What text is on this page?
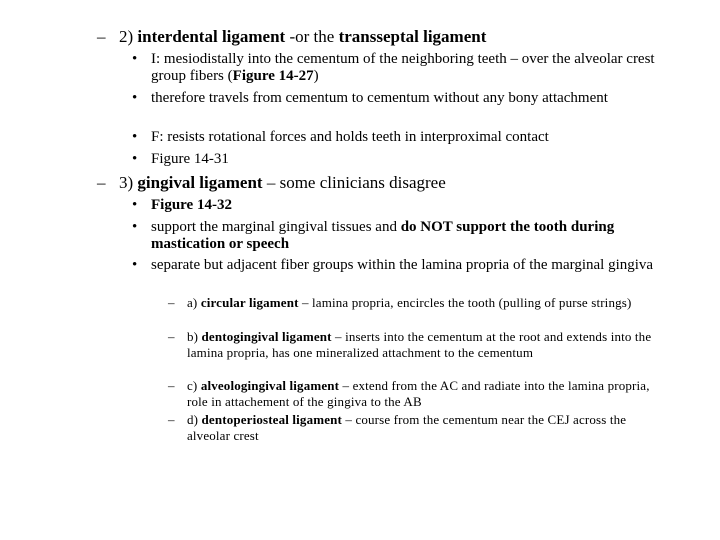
– 2) interdental ligament -or the transseptal ligament
• I: mesiodistally into the cementum of the neighboring teeth – over the alveolar crest group fibers (Figure 14-27)
• therefore travels from cementum to cementum without any bony attachment
• F: resists rotational forces and holds teeth in interproximal contact
• Figure 14-31
– 3) gingival ligament – some clinicians disagree
• Figure 14-32
• support the marginal gingival tissues and do NOT support the tooth during mastication or speech
• separate but adjacent fiber groups within the lamina propria of the marginal gingiva
– a) circular ligament – lamina propria, encircles the tooth (pulling of purse strings)
– b) dentogingival ligament – inserts into the cementum at the root and extends into the lamina propria, has one mineralized attachment to the cementum
– c) alveologingival ligament – extend from the AC and radiate into the lamina propria, role in attachement of the gingiva to the AB
– d) dentoperiosteal ligament – course from the cementum near the CEJ across the alveolar crest
